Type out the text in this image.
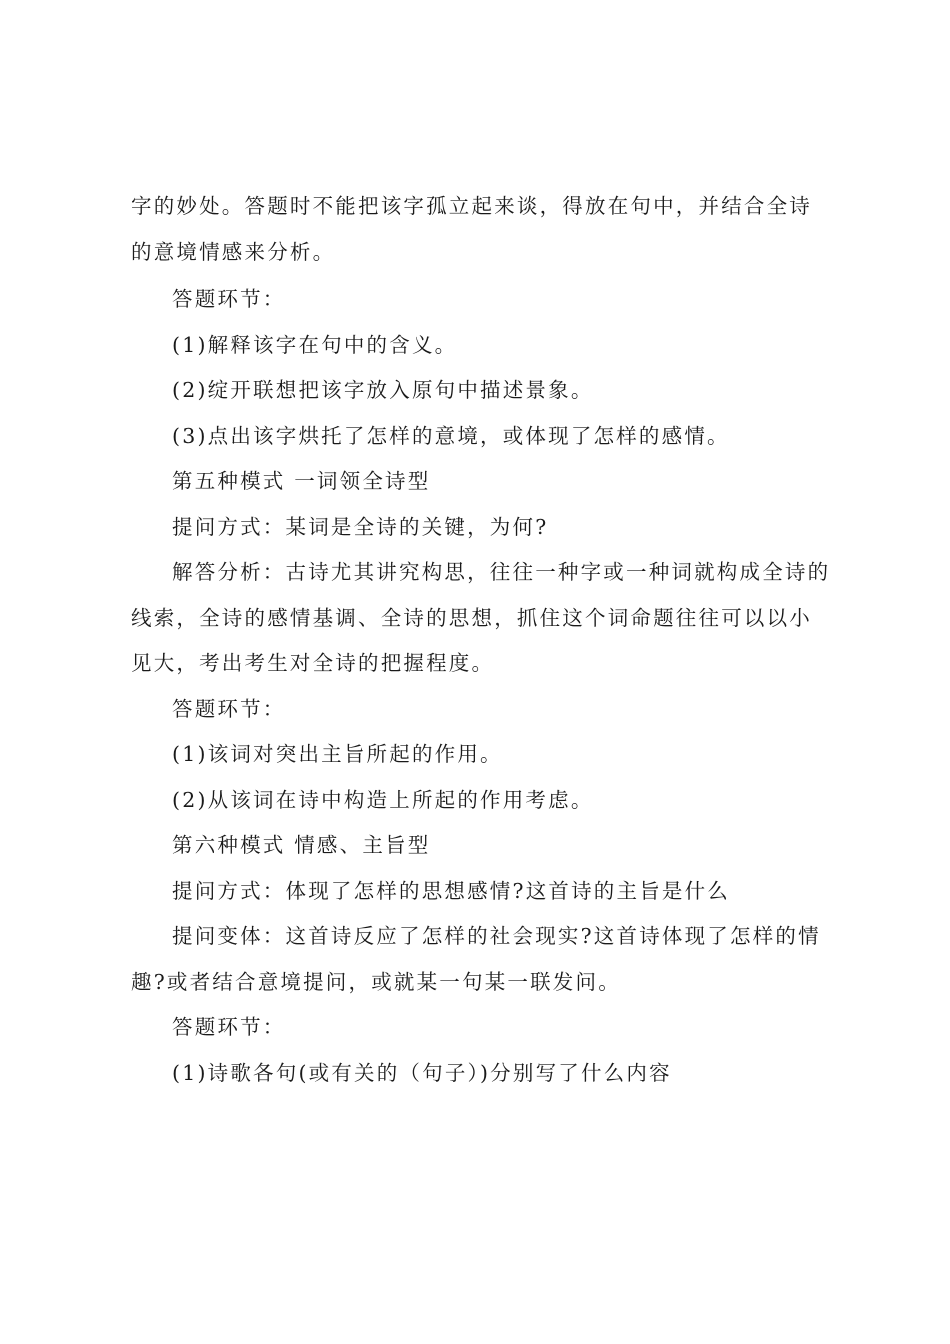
字的妙处。答题时不能把该字孤立起来谈，得放在句中，并结合全诗的意境情感来分析。

答题环节：

(1)解释该字在句中的含义。

(2)绽开联想把该字放入原句中描述景象。

(3)点出该字烘托了怎样的意境，或体现了怎样的感情。

第五种模式 一词领全诗型

提问方式：某词是全诗的关键，为何?

解答分析：古诗尤其讲究构思，往往一种字或一种词就构成全诗的线索，全诗的感情基调、全诗的思想，抓住这个词命题往往可以以小见大，考出考生对全诗的把握程度。

答题环节：

(1)该词对突出主旨所起的作用。

(2)从该词在诗中构造上所起的作用考虑。

第六种模式 情感、主旨型

提问方式：体现了怎样的思想感情?这首诗的主旨是什么

提问变体：这首诗反应了怎样的社会现实?这首诗体现了怎样的情趣?或者结合意境提问，或就某一句某一联发问。

答题环节：

(1)诗歌各句(或有关的（句子）)分别写了什么内容
